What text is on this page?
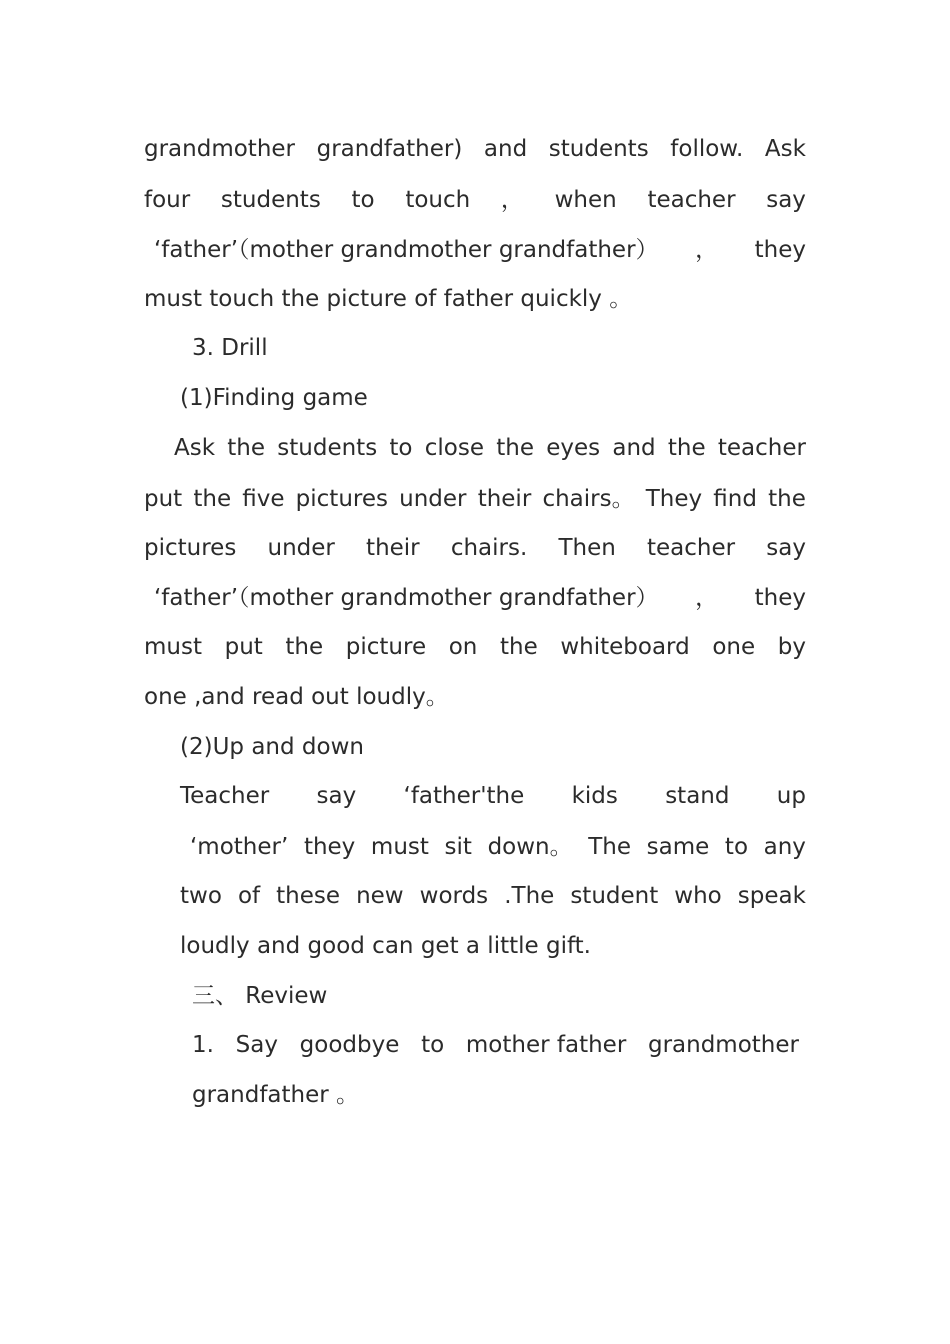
grandmother grandfather) and students follow. Ask
four students to touch ， when teacher say
‘father’（mother grandmother grandfather） ， they
must touch the picture of father quickly 。
3. Drill
(1)Finding game
Ask the students to close the eyes and the teacher
put the five pictures under their chairs。 They find the
pictures under their chairs. Then teacher say
‘father’（mother grandmother grandfather） ， they
must put the picture on the whiteboard one by
one ,and read out loudly。
(2)Up and down
Teacher say ‘father'the kids stand up
‘mother’ they must sit down。 The same to any
two of these new words .The student who speak
loudly and good can get a little gift.
三、 Review
1. Say goodbye to mother father grandmother
grandfather 。
